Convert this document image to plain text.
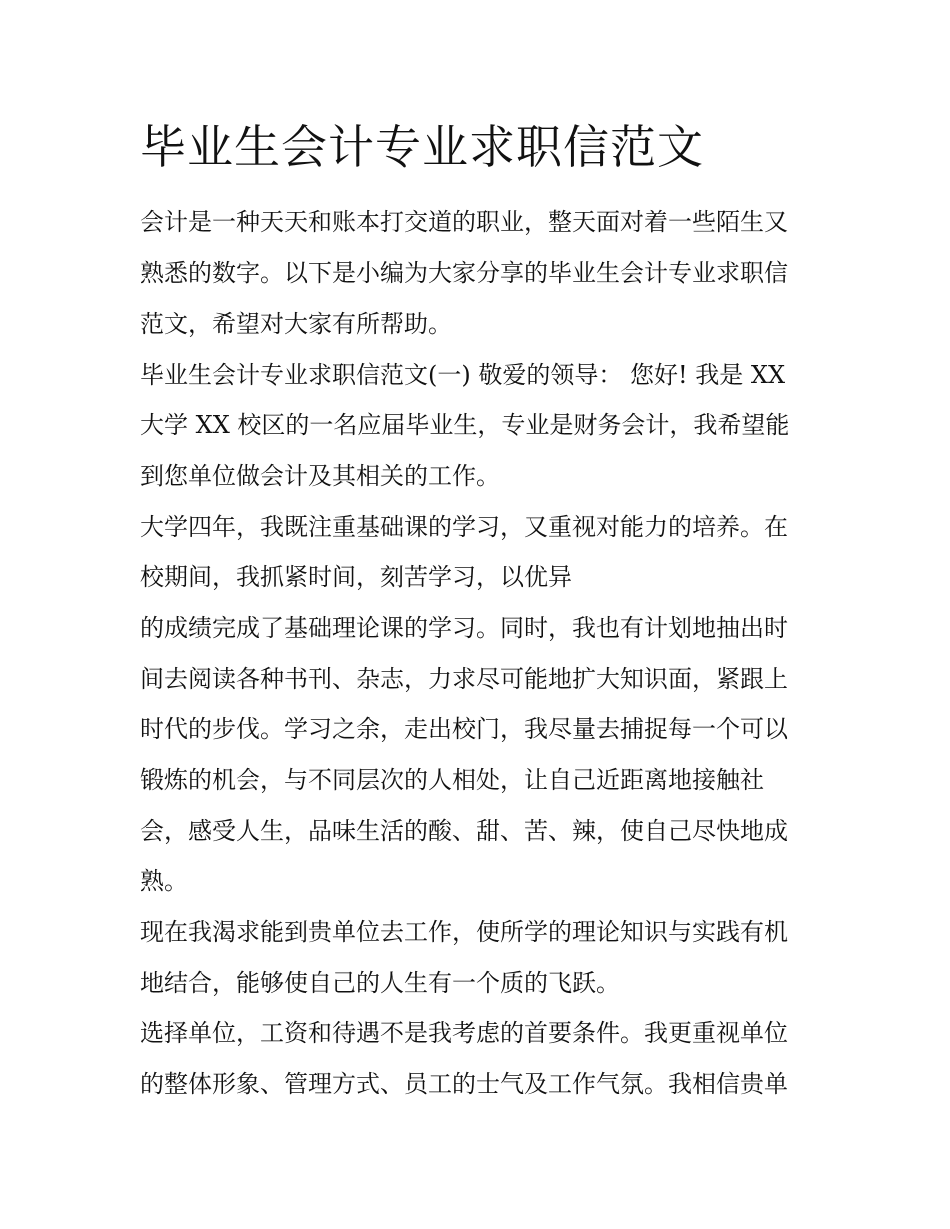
毕业生会计专业求职信范文
会计是一种天天和账本打交道的职业，整天面对着一些陌生又
熟悉的数字。以下是小编为大家分享的毕业生会计专业求职信
范文，希望对大家有所帮助。
毕业生会计专业求职信范文(一) 敬爱的领导： 您好! 我是 XX
大学 XX 校区的一名应届毕业生，专业是财务会计，我希望能
到您单位做会计及其相关的工作。
大学四年，我既注重基础课的学习，又重视对能力的培养。在
校期间，我抓紧时间，刻苦学习，以优异
的成绩完成了基础理论课的学习。同时，我也有计划地抽出时
间去阅读各种书刊、杂志，力求尽可能地扩大知识面，紧跟上
时代的步伐。学习之余，走出校门，我尽量去捕捉每一个可以
锻炼的机会，与不同层次的人相处，让自己近距离地接触社
会，感受人生，品味生活的酸、甜、苦、辣，使自己尽快地成
熟。
现在我渴求能到贵单位去工作，使所学的理论知识与实践有机
地结合，能够使自己的人生有一个质的飞跃。
选择单位，工资和待遇不是我考虑的首要条件。我更重视单位
的整体形象、管理方式、员工的士气及工作气氛。我相信贵单
